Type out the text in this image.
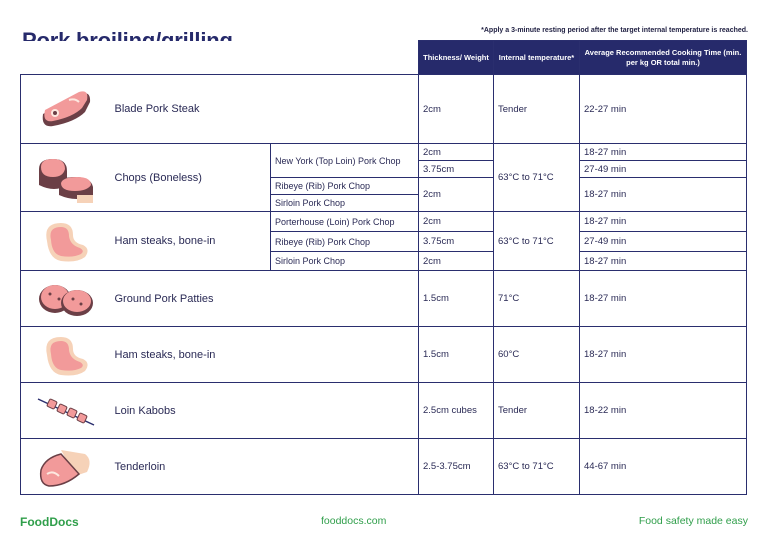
*Apply a 3-minute resting period after the target internal temperature is reached.
			Thickness/ Weight	Internal temperature*	Average Recommended Cooking Time (min. per kg OR total min.)

	Blade Pork Steak		2cm	Tender	22-27 min

	Chops (Boneless)	New York (Top Loin) Pork Chop	2cm	63°C to 71°C	18-27 min
			3.75cm		27-49 min
		Ribeye (Rib) Pork Chop	2cm		18-27 min
		Sirloin Pork Chop			

	Ham steaks, bone-in	Porterhouse (Loin) Pork Chop	2cm	63°C to 71°C	18-27 min
		Ribeye (Rib) Pork Chop	3.75cm		27-49 min
		Sirloin Pork Chop	2cm		18-27 min

	Ground Pork Patties		1.5cm	71°C	18-27 min

	Ham steaks, bone-in		1.5cm	60°C	18-27 min

	Loin Kabobs		2.5cm cubes	Tender	18-22 min

	Tenderloin		2.5-3.75cm	63°C to 71°C	44-67 min
FoodDocs	fooddocs.com	Food safety made easy
